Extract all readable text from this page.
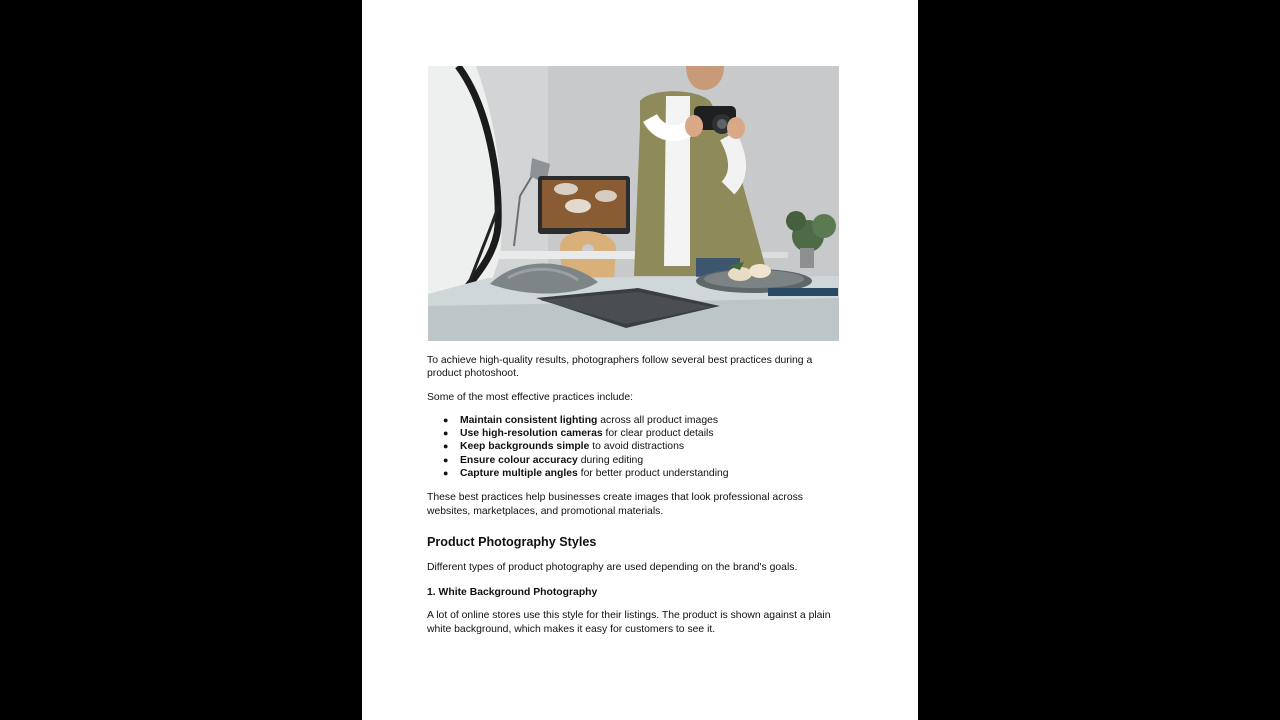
To achieve high-quality results, photographers follow several best practices during a product photoshoot.

Some of the most effective practices include:

● Maintain consistent lighting across all product images
● Use high-resolution cameras for clear product details
● Keep backgrounds simple to avoid distractions
● Ensure colour accuracy during editing
● Capture multiple angles for better product understanding

These best practices help businesses create images that look professional across websites, marketplaces, and promotional materials.

Product Photography Styles

Different types of product photography are used depending on the brand's goals.

1. White Background Photography

A lot of online stores use this style for their listings. The product is shown against a plain white background, which makes it easy for customers to see it.
